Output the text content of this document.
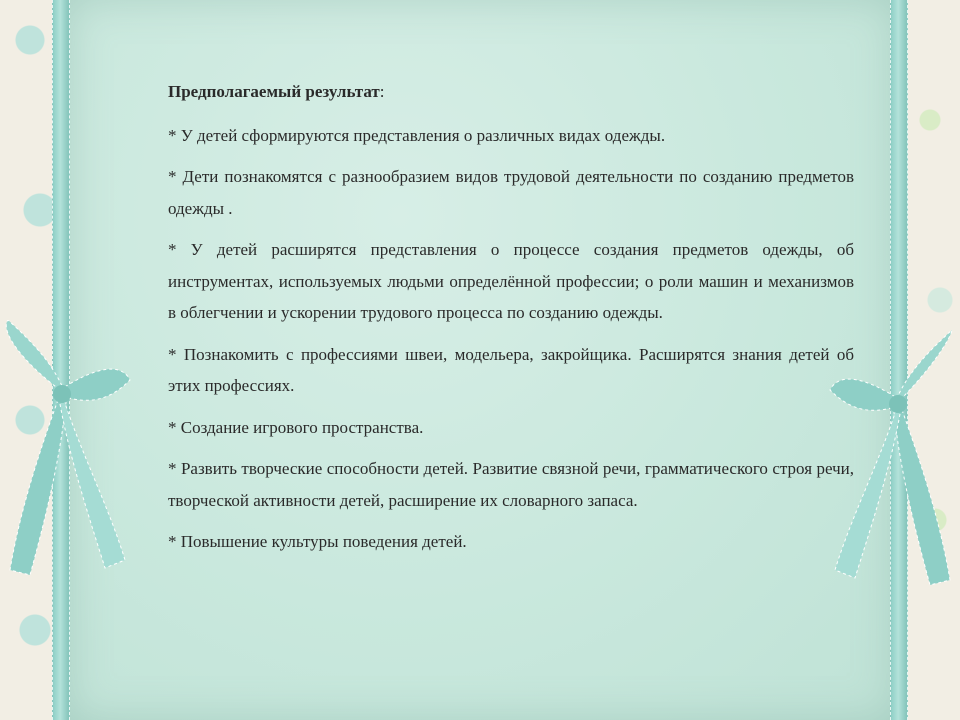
Предполагаемый результат:

* У детей сформируются представления о различных видах одежды.

* Дети познакомятся с разнообразием видов трудовой деятельности по созданию предметов одежды .

* У детей расширятся представления о процессе создания предметов одежды, об инструментах, используемых людьми определённой профессии; о роли машин и механизмов в облегчении и ускорении трудового процесса по созданию одежды.

* Познакомить с профессиями швеи, модельера, закройщика. Расширятся знания детей об этих профессиях.

* Создание игрового пространства.

* Развить творческие способности детей. Развитие связной речи, грамматического строя речи, творческой активности детей, расширение их словарного запаса.

* Повышение культуры поведения детей.
